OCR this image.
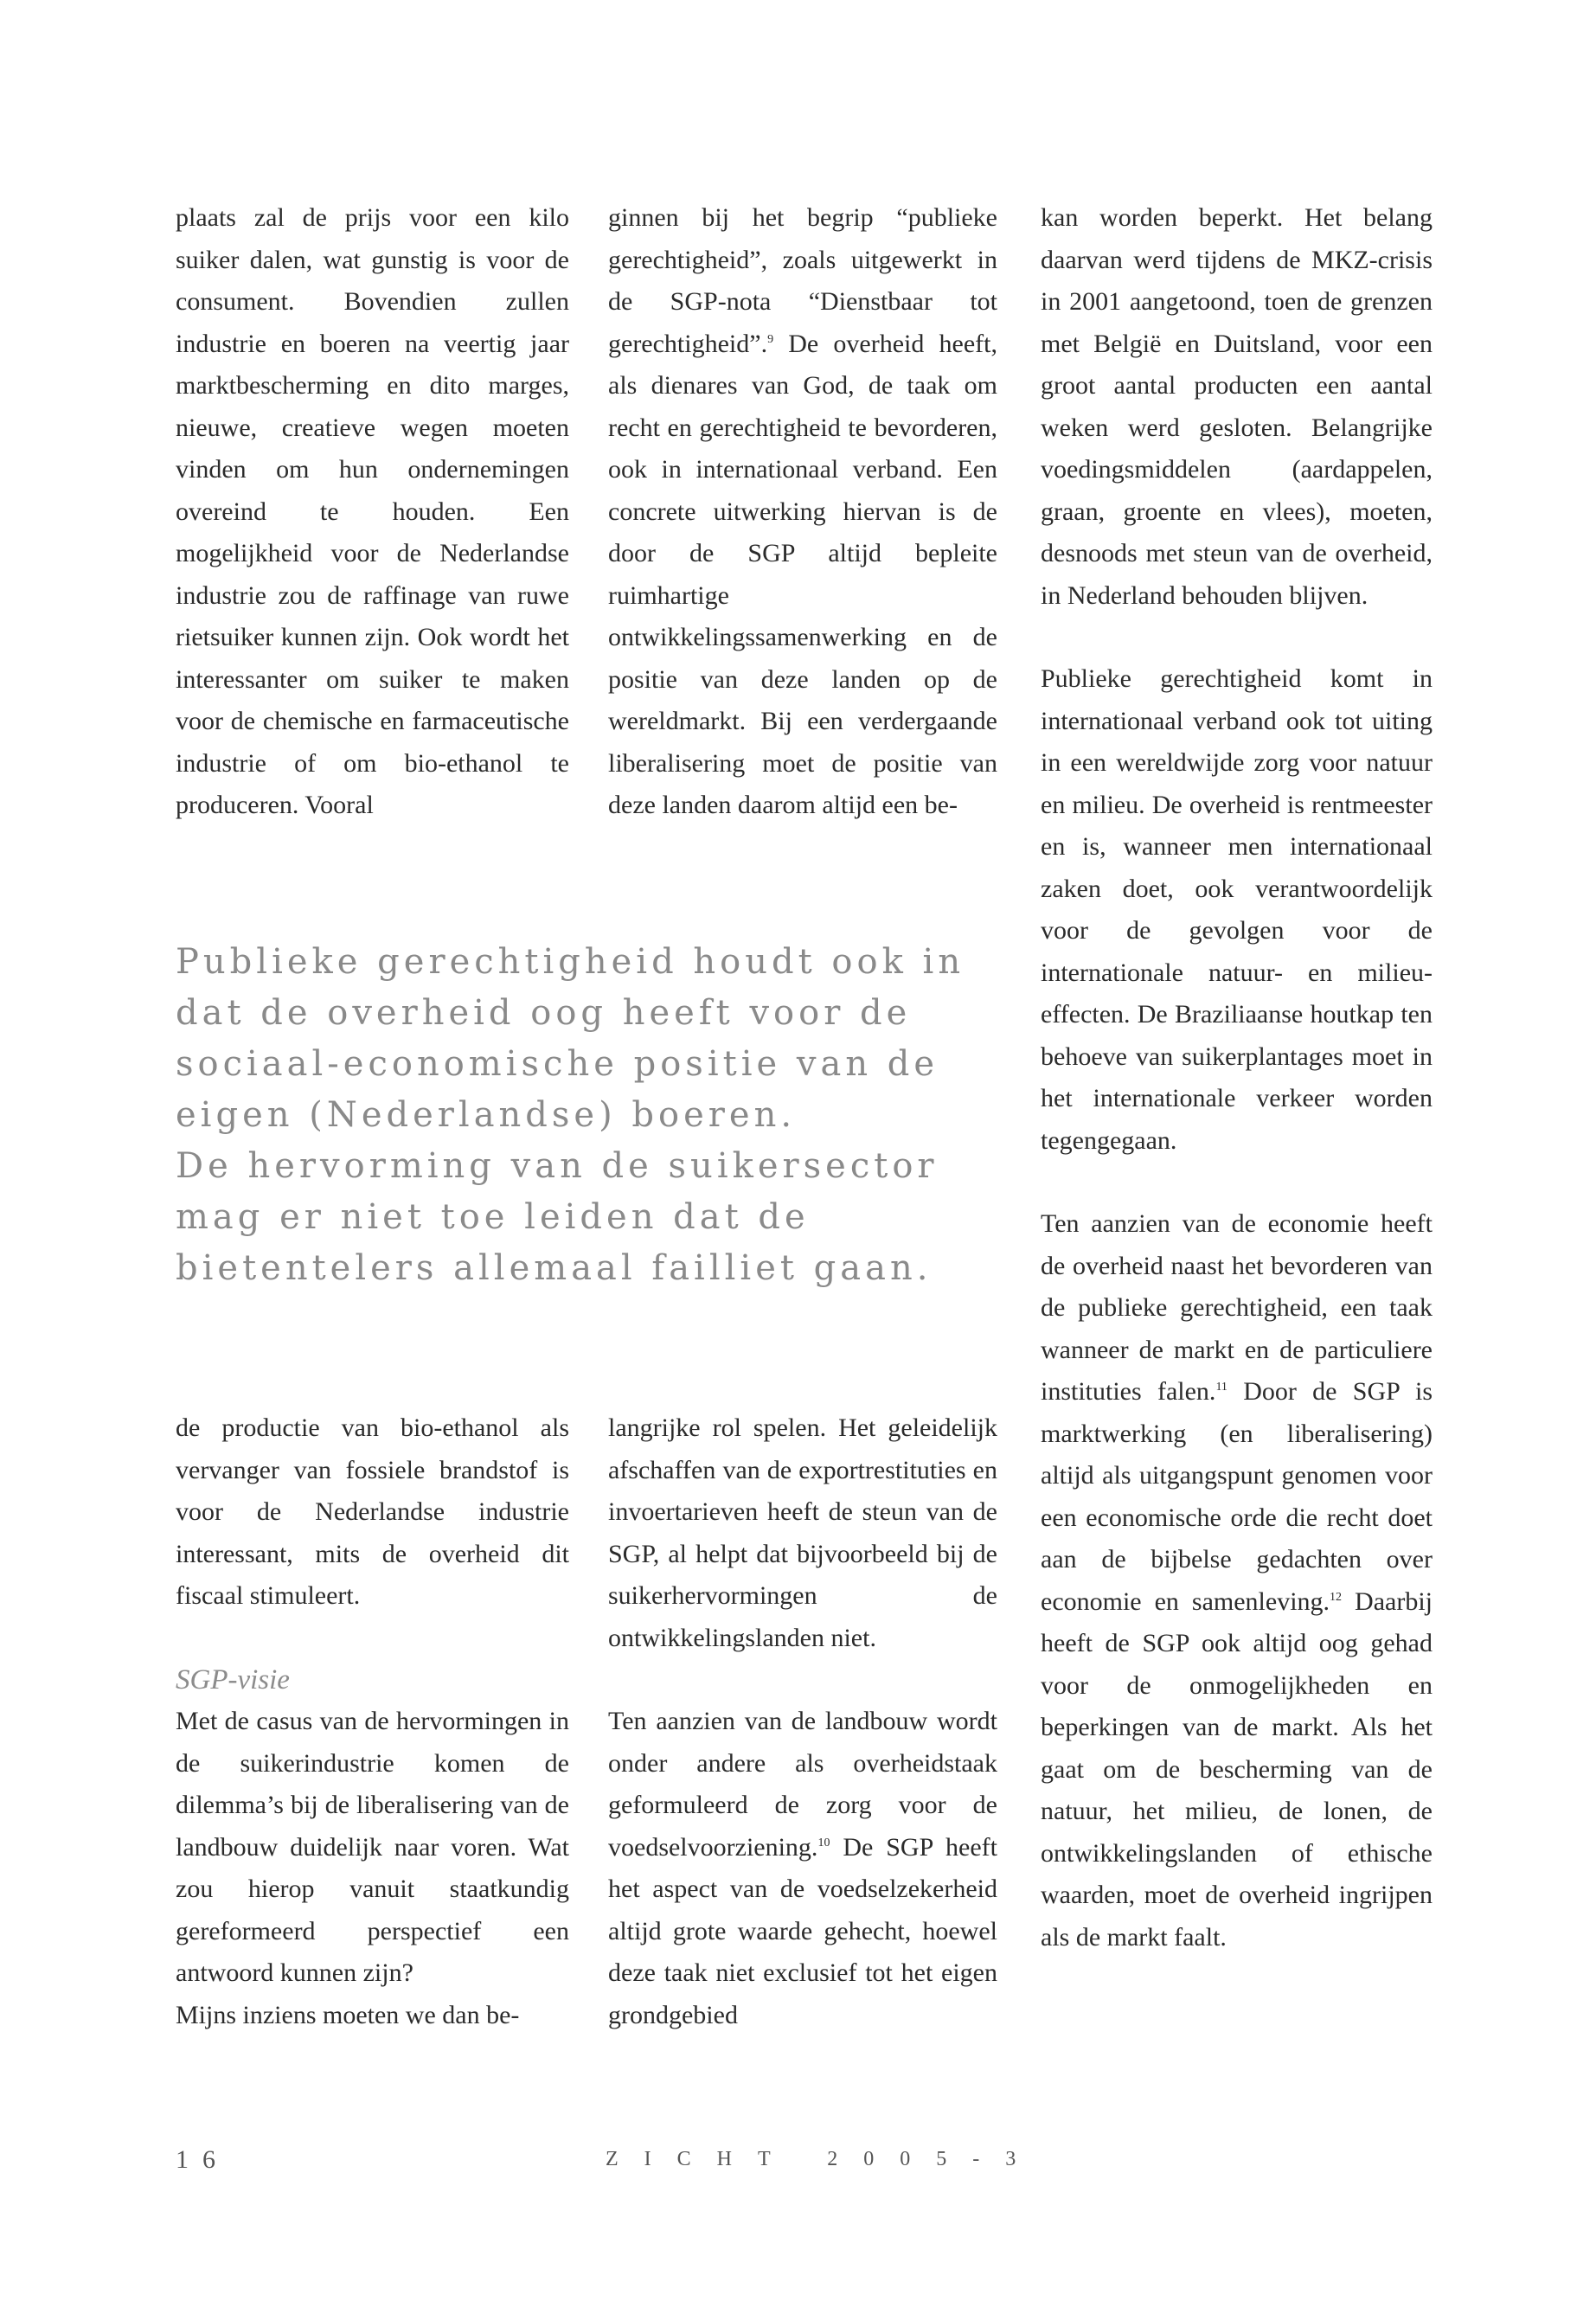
plaats zal de prijs voor een kilo suiker dalen, wat gunstig is voor de consument. Bovendien zullen industrie en boeren na veertig jaar marktbescherming en dito marges, nieuwe, creatieve wegen moeten vinden om hun ondernemingen overeind te houden. Een mogelijkheid voor de Nederlandse industrie zou de raffinage van ruwe rietsuiker kunnen zijn. Ook wordt het interessanter om suiker te maken voor de chemische en farmaceutische industrie of om bio-ethanol te produceren. Vooral

ginnen bij het begrip “publieke gerechtigheid”, zoals uitgewerkt in de SGP-nota “Dienstbaar tot gerechtigheid”.$^9$ De overheid heeft, als dienares van God, de taak om recht en gerechtigheid te bevorderen, ook in internationaal verband. Een concrete uitwerking hiervan is de door de SGP altijd bepleite ruimhartige ontwikkelingssamenwerking en de positie van deze landen op de wereldmarkt. Bij een verdergaande liberalisering moet de positie van deze landen daarom altijd een be-

kan worden beperkt. Het belang daarvan werd tijdens de MKZ-crisis in 2001 aangetoond, toen de grenzen met België en Duitsland, voor een groot aantal producten een aantal weken werd gesloten. Belangrijke voedingsmiddelen (aardappelen, graan, groente en vlees), moeten, desnoods met steun van de overheid, in Nederland behouden blijven.

Publieke gerechtigheid komt in internationaal verband ook tot uiting in een wereldwijde zorg voor natuur en milieu. De overheid is rentmeester en is, wanneer men internationaal zaken doet, ook verantwoordelijk voor de gevolgen voor de internationale natuur- en milieu-effecten. De Braziliaanse houtkap ten behoeve van suikerplantages moet in het internationale verkeer worden tegengegaan.

Ten aanzien van de economie heeft de overheid naast het bevorderen van de publieke gerechtigheid, een taak wanneer de markt en de particuliere instituties falen.$^{11}$ Door de SGP is marktwerking (en liberalisering) altijd als uitgangspunt genomen voor een economische orde die recht doet aan de bijbelse gedachten over economie en samenleving.$^{12}$ Daarbij heeft de SGP ook altijd oog gehad voor de onmogelijkheden en beperkingen van de markt. Als het gaat om de bescherming van de natuur, het milieu, de lonen, de ontwikkelingslanden of ethische waarden, moet de overheid ingrijpen als de markt faalt.

Publieke gerechtigheid houdt ook in dat de overheid oog heeft voor de sociaal-economische positie van de eigen (Nederlandse) boeren.

De hervorming van de suikersector mag er niet toe leiden dat de bietentelers allemaal failliet gaan.

de productie van bio-ethanol als vervanger van fossiele brandstof is voor de Nederlandse industrie interessant, mits de overheid dit fiscaal stimuleert.

SGP-visie

Met de casus van de hervormingen in de suikerindustrie komen de dilemma’s bij de liberalisering van de landbouw duidelijk naar voren. Wat zou hierop vanuit staatkundig gereformeerd perspectief een antwoord kunnen zijn?

Mijns inziens moeten we dan be-

langrijke rol spelen. Het geleidelijk afschaffen van de exportrestituties en invoertarieven heeft de steun van de SGP, al helpt dat bijvoorbeeld bij de suikerhervormingen de ontwikkelingslanden niet.

Ten aanzien van de landbouw wordt onder andere als overheidstaak geformuleerd de zorg voor de voedselvoorziening.$^{10}$ De SGP heeft het aspect van de voedselzekerheid altijd grote waarde gehecht, hoewel deze taak niet exclusief tot het eigen grondgebied

16	ZICHT 2005-3
